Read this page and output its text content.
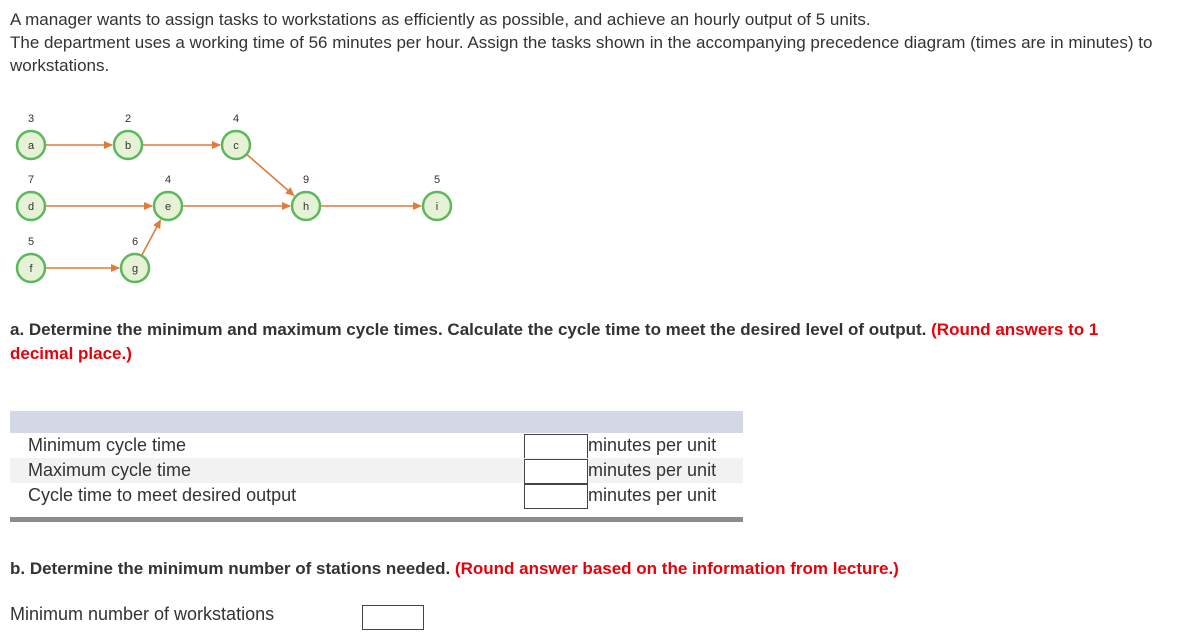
A manager wants to assign tasks to workstations as efficiently as possible, and achieve an hourly output of 5 units.

The department uses a working time of 56 minutes per hour. Assign the tasks shown in the accompanying precedence diagram (times are in minutes) to workstations.

a
3
b
2
c
4
d
7
e
4
h
9
i
5
f
5
g
6
a. Determine the minimum and maximum cycle times. Calculate the cycle time to meet the desired level of output. (Round answers to 1 decimal place.)
Minimum cycle time	minutes per unit
Maximum cycle time	minutes per unit
Cycle time to meet desired output	minutes per unit
b. Determine the minimum number of stations needed. (Round answer based on the information from lecture.)
Minimum number of workstations
